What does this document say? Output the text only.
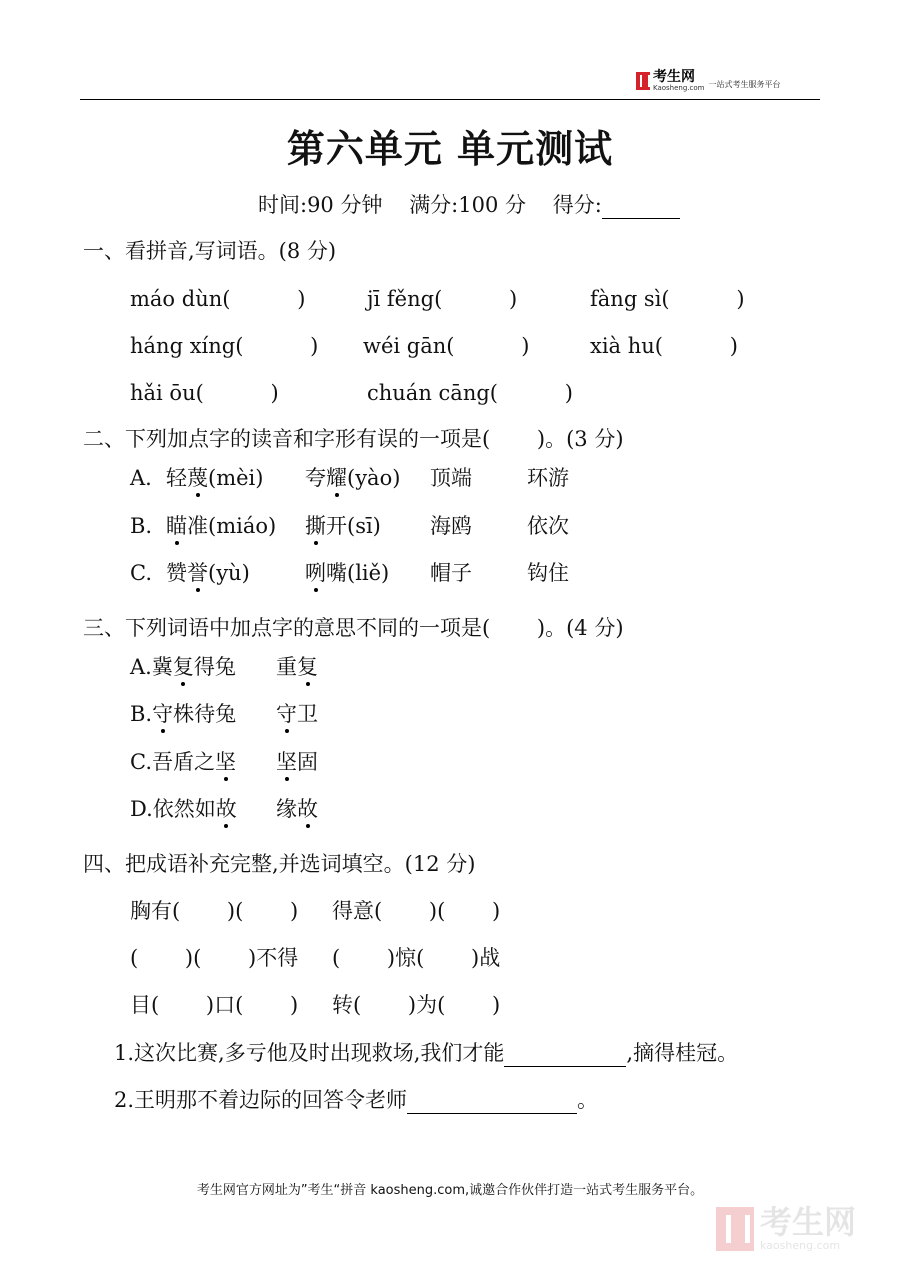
考生网
Kaosheng.com 一站式考生服务平台
第六单元 单元测试
时间:90 分钟 满分:100 分 得分:
一、看拼音,写词语。(8 分)
máo dùn(          )	jī fěng(          )	fàng sì(          )
háng xíng(          ) wéi gān(          )	xià hu(          )
hǎi ōu(          )	chuán cāng(          )
二、下列加点字的读音和字形有误的一项是(       )。(3 分)
A. 轻蔑(mèi) 夸耀(yào) 顶端	环游
B. 瞄准(miáo) 撕开(sī) 海鸥	依次
C. 赞誉(yù)	咧嘴(liě) 帽子	钩住
三、下列词语中加点字的意思不同的一项是(       )。(4 分)
A.冀复得兔 重复
B.守株待兔 守卫
C.吾盾之坚 坚固
D.依然如故 缘故
四、把成语补充完整,并选词填空。(12 分)
胸有(       )(       ) 得意(       )(       )
(       )(       )不得 (       )惊(       )战
目(       )口(       ) 转(       )为(       )
1.这次比赛,多亏他及时出现救场,我们才能	,摘得桂冠。
2.王明那不着边际的回答令老师	。
考生网官方网址为”考生“拼音 kaosheng.com,诚邀合作伙伴打造一站式考生服务平台。
考生网
kaosheng.com
